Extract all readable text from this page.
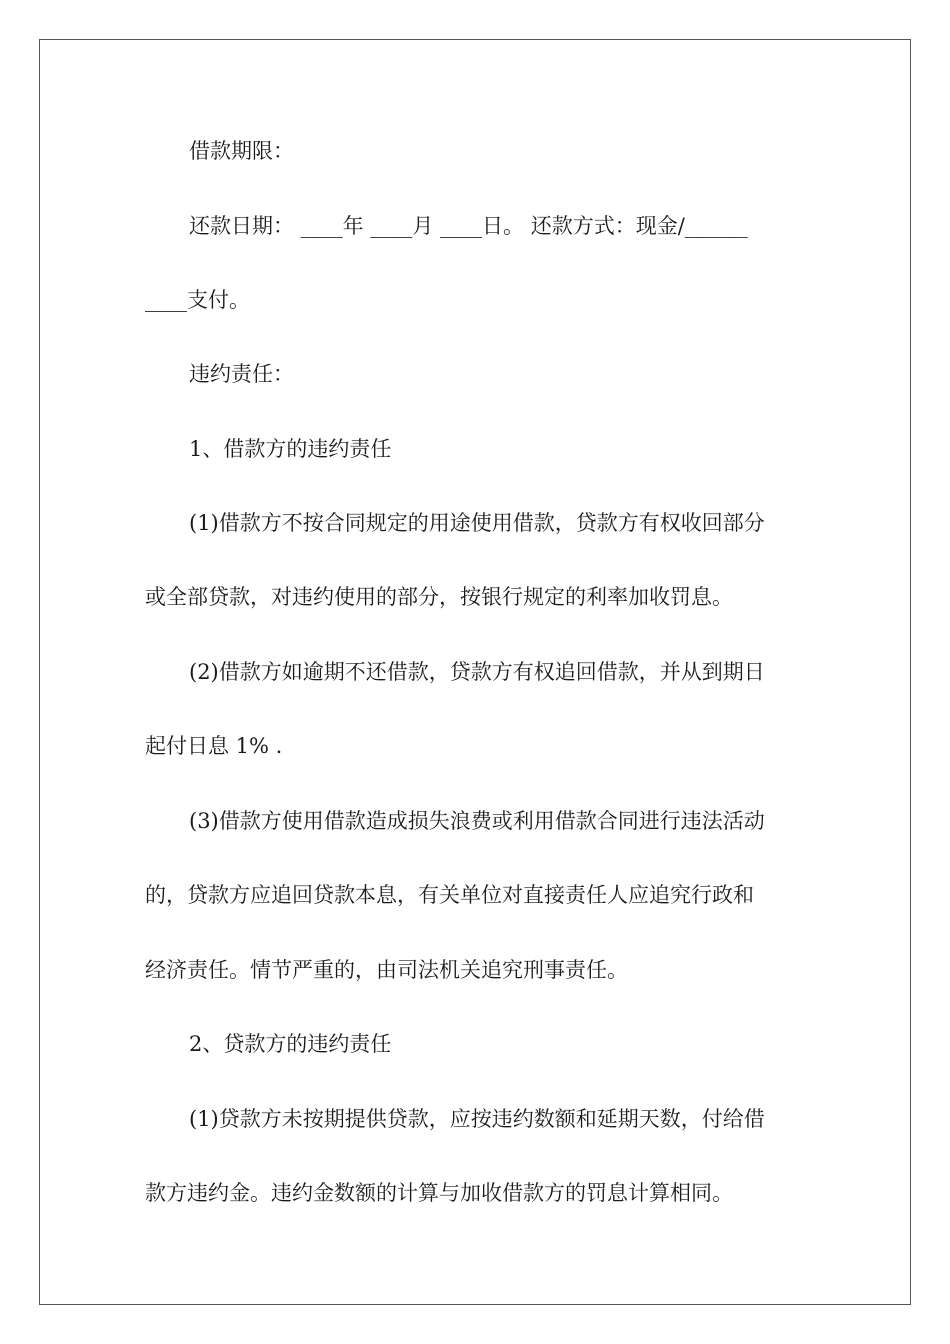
借款期限：
还款日期： ____年 ____月 ____日。 还款方式：现金/______
____支付。
违约责任：
1、借款方的违约责任
(1)借款方不按合同规定的用途使用借款，贷款方有权收回部分
或全部贷款，对违约使用的部分，按银行规定的利率加收罚息。
(2)借款方如逾期不还借款，贷款方有权追回借款，并从到期日
起付日息 1% .
(3)借款方使用借款造成损失浪费或利用借款合同进行违法活动
的，贷款方应追回贷款本息，有关单位对直接责任人应追究行政和
经济责任。情节严重的，由司法机关追究刑事责任。
2、贷款方的违约责任
(1)贷款方未按期提供贷款，应按违约数额和延期天数，付给借
款方违约金。违约金数额的计算与加收借款方的罚息计算相同。
